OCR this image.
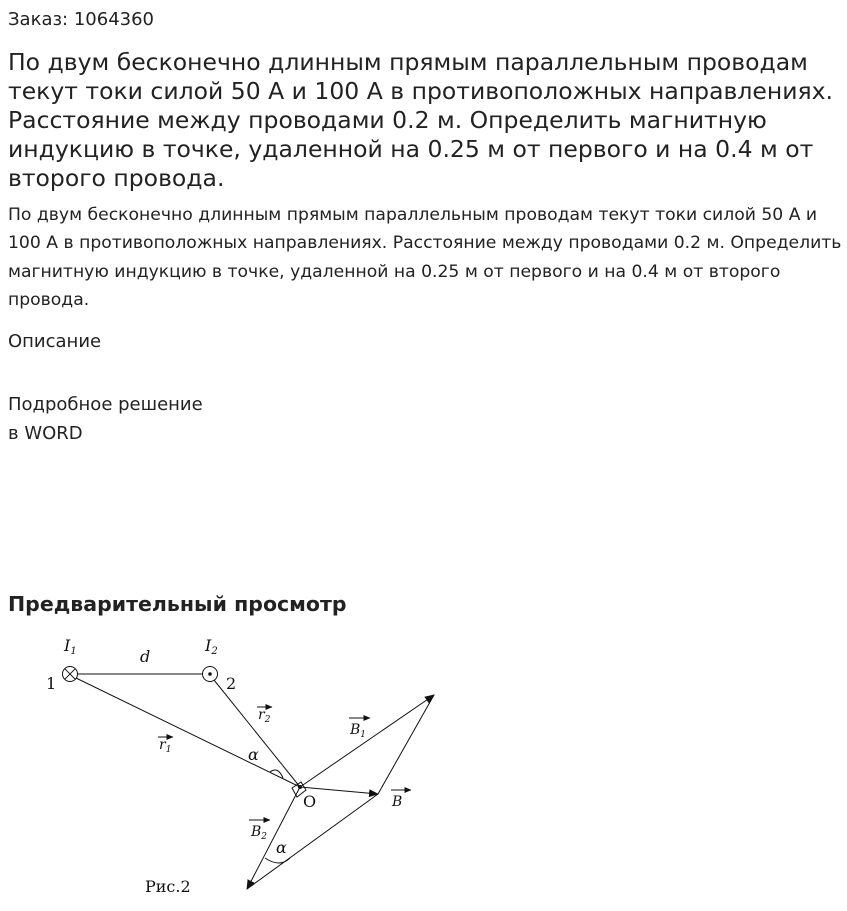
Заказ: 1064360
По двум бесконечно длинным прямым параллельным проводам текут токи силой 50 А и 100 А в противоположных направлениях. Расстояние между проводами 0.2 м. Определить магнитную индукцию в точке, удаленной на 0.25 м от первого и на 0.4 м от второго провода.

По двум бесконечно длинным прямым параллельным проводам текут токи силой 50 А и 100 А в противоположных направлениях. Расстояние между проводами 0.2 м. Определить магнитную индукцию в точке, удаленной на 0.25 м от первого и на 0.4 м от второго провода.

Описание
Подробное решение
в WORD
Предварительный просмотр
I1	I2
d
1	2
$r_2$
$r_1$	α
$B_1$
B
O
$B_2$
α
Рис.2
